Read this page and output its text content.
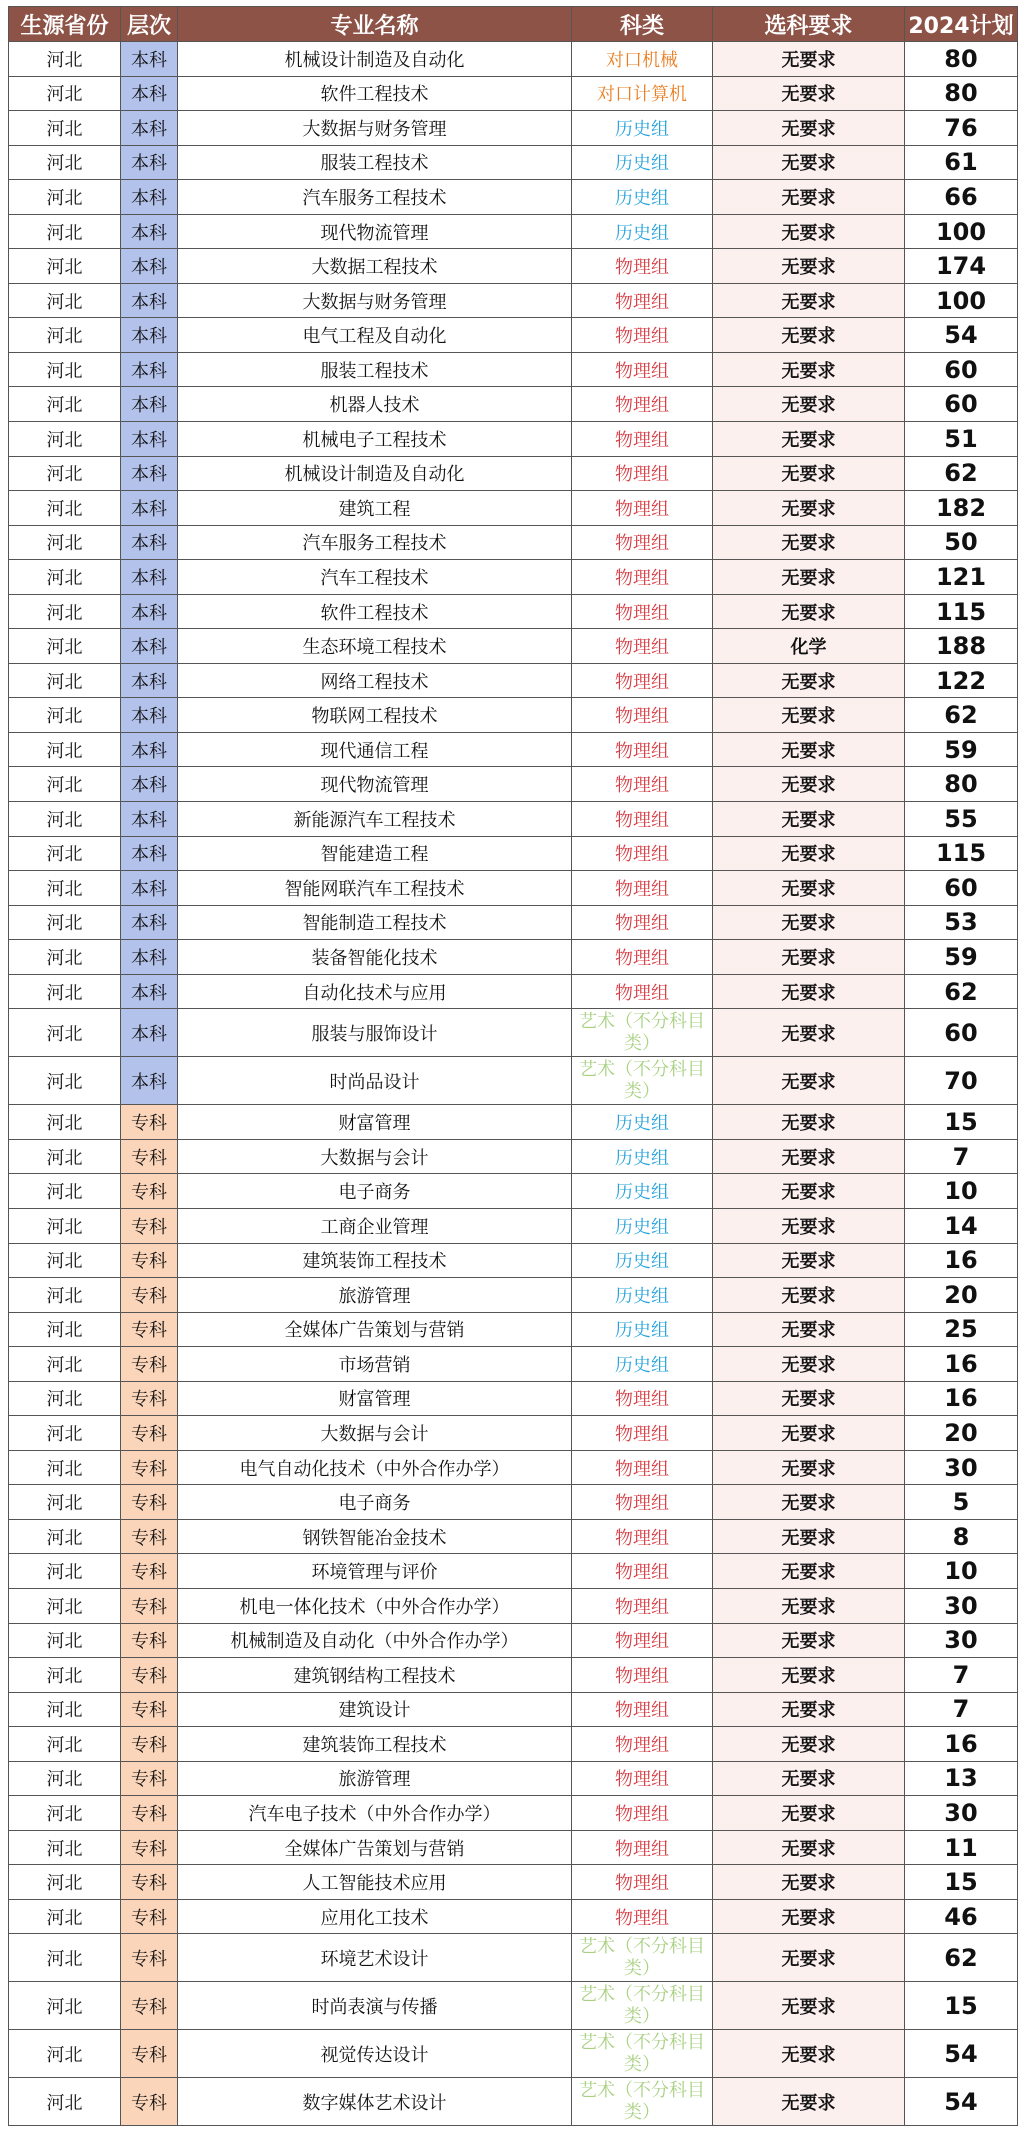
生源省份	层次	专业名称	科类	选科要求	2024计划
河北	本科	机械设计制造及自动化	对口机械	无要求	80
河北	本科	软件工程技术	对口计算机	无要求	80
河北	本科	大数据与财务管理	历史组	无要求	76
河北	本科	服装工程技术	历史组	无要求	61
河北	本科	汽车服务工程技术	历史组	无要求	66
河北	本科	现代物流管理	历史组	无要求	100
河北	本科	大数据工程技术	物理组	无要求	174
河北	本科	大数据与财务管理	物理组	无要求	100
河北	本科	电气工程及自动化	物理组	无要求	54
河北	本科	服装工程技术	物理组	无要求	60
河北	本科	机器人技术	物理组	无要求	60
河北	本科	机械电子工程技术	物理组	无要求	51
河北	本科	机械设计制造及自动化	物理组	无要求	62
河北	本科	建筑工程	物理组	无要求	182
河北	本科	汽车服务工程技术	物理组	无要求	50
河北	本科	汽车工程技术	物理组	无要求	121
河北	本科	软件工程技术	物理组	无要求	115
河北	本科	生态环境工程技术	物理组	化学	188
河北	本科	网络工程技术	物理组	无要求	122
河北	本科	物联网工程技术	物理组	无要求	62
河北	本科	现代通信工程	物理组	无要求	59
河北	本科	现代物流管理	物理组	无要求	80
河北	本科	新能源汽车工程技术	物理组	无要求	55
河北	本科	智能建造工程	物理组	无要求	115
河北	本科	智能网联汽车工程技术	物理组	无要求	60
河北	本科	智能制造工程技术	物理组	无要求	53
河北	本科	装备智能化技术	物理组	无要求	59
河北	本科	自动化技术与应用	物理组	无要求	62
河北	本科	服装与服饰设计	艺术（不分科目类）	无要求	60
河北	本科	时尚品设计	艺术（不分科目类）	无要求	70
河北	专科	财富管理	历史组	无要求	15
河北	专科	大数据与会计	历史组	无要求	7
河北	专科	电子商务	历史组	无要求	10
河北	专科	工商企业管理	历史组	无要求	14
河北	专科	建筑装饰工程技术	历史组	无要求	16
河北	专科	旅游管理	历史组	无要求	20
河北	专科	全媒体广告策划与营销	历史组	无要求	25
河北	专科	市场营销	历史组	无要求	16
河北	专科	财富管理	物理组	无要求	16
河北	专科	大数据与会计	物理组	无要求	20
河北	专科	电气自动化技术（中外合作办学）	物理组	无要求	30
河北	专科	电子商务	物理组	无要求	5
河北	专科	钢铁智能冶金技术	物理组	无要求	8
河北	专科	环境管理与评价	物理组	无要求	10
河北	专科	机电一体化技术（中外合作办学）	物理组	无要求	30
河北	专科	机械制造及自动化（中外合作办学）	物理组	无要求	30
河北	专科	建筑钢结构工程技术	物理组	无要求	7
河北	专科	建筑设计	物理组	无要求	7
河北	专科	建筑装饰工程技术	物理组	无要求	16
河北	专科	旅游管理	物理组	无要求	13
河北	专科	汽车电子技术（中外合作办学）	物理组	无要求	30
河北	专科	全媒体广告策划与营销	物理组	无要求	11
河北	专科	人工智能技术应用	物理组	无要求	15
河北	专科	应用化工技术	物理组	无要求	46
河北	专科	环境艺术设计	艺术（不分科目类）	无要求	62
河北	专科	时尚表演与传播	艺术（不分科目类）	无要求	15
河北	专科	视觉传达设计	艺术（不分科目类）	无要求	54
河北	专科	数字媒体艺术设计	艺术（不分科目类）	无要求	54
